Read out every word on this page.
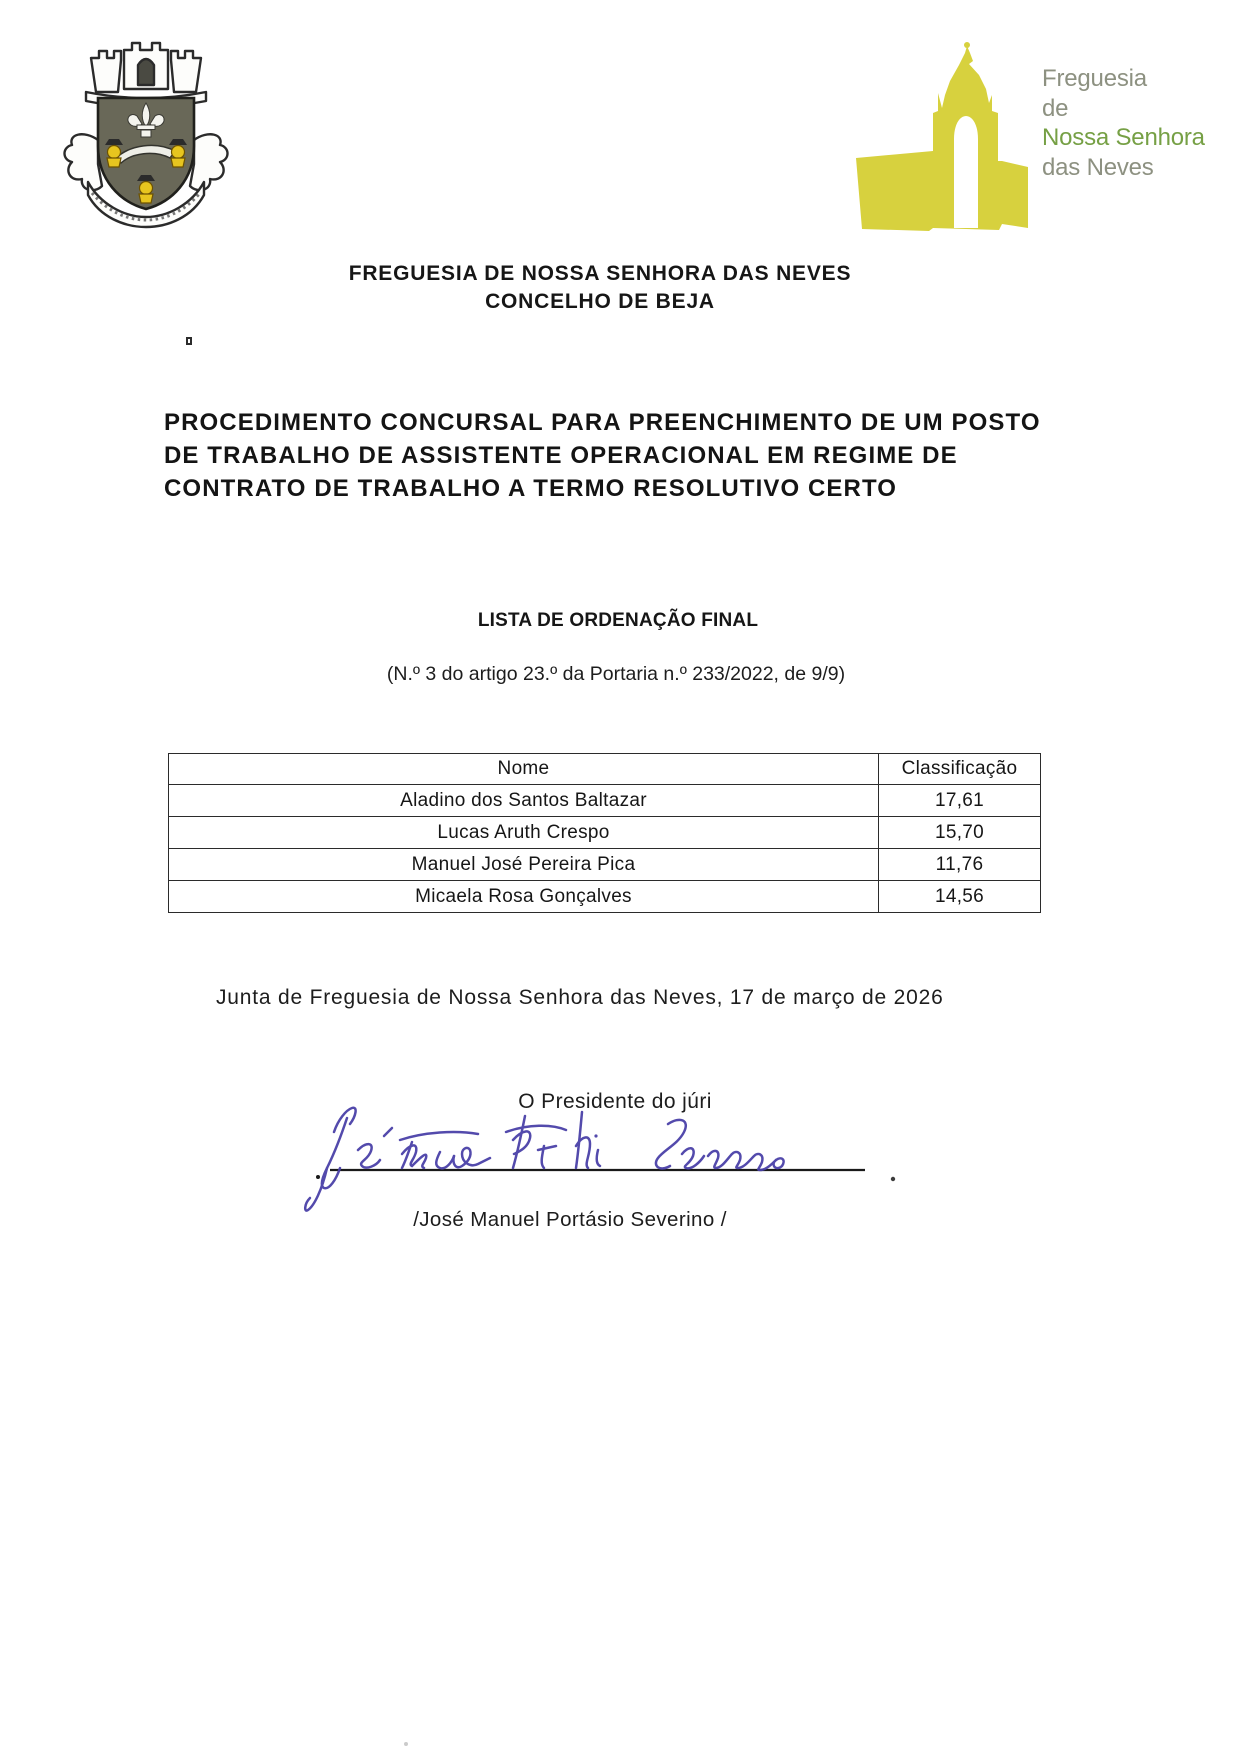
Freguesia
de
Nossa Senhora
das Neves
FREGUESIA DE NOSSA SENHORA DAS NEVES
CONCELHO DE BEJA
PROCEDIMENTO CONCURSAL PARA PREENCHIMENTO DE UM POSTO
DE TRABALHO DE ASSISTENTE OPERACIONAL EM REGIME DE
CONTRATO DE TRABALHO A TERMO RESOLUTIVO CERTO
LISTA DE ORDENAÇÃO FINAL
(N.º 3 do artigo 23.º da Portaria n.º 233/2022, de 9/9)
Nome	Classificação
Aladino dos Santos Baltazar	17,61
Lucas Aruth Crespo	15,70
Manuel José Pereira Pica	11,76
Micaela Rosa Gonçalves	14,56
Junta de Freguesia de Nossa Senhora das Neves, 17 de março de 2026
O Presidente do júri
/José Manuel Portásio Severino /
